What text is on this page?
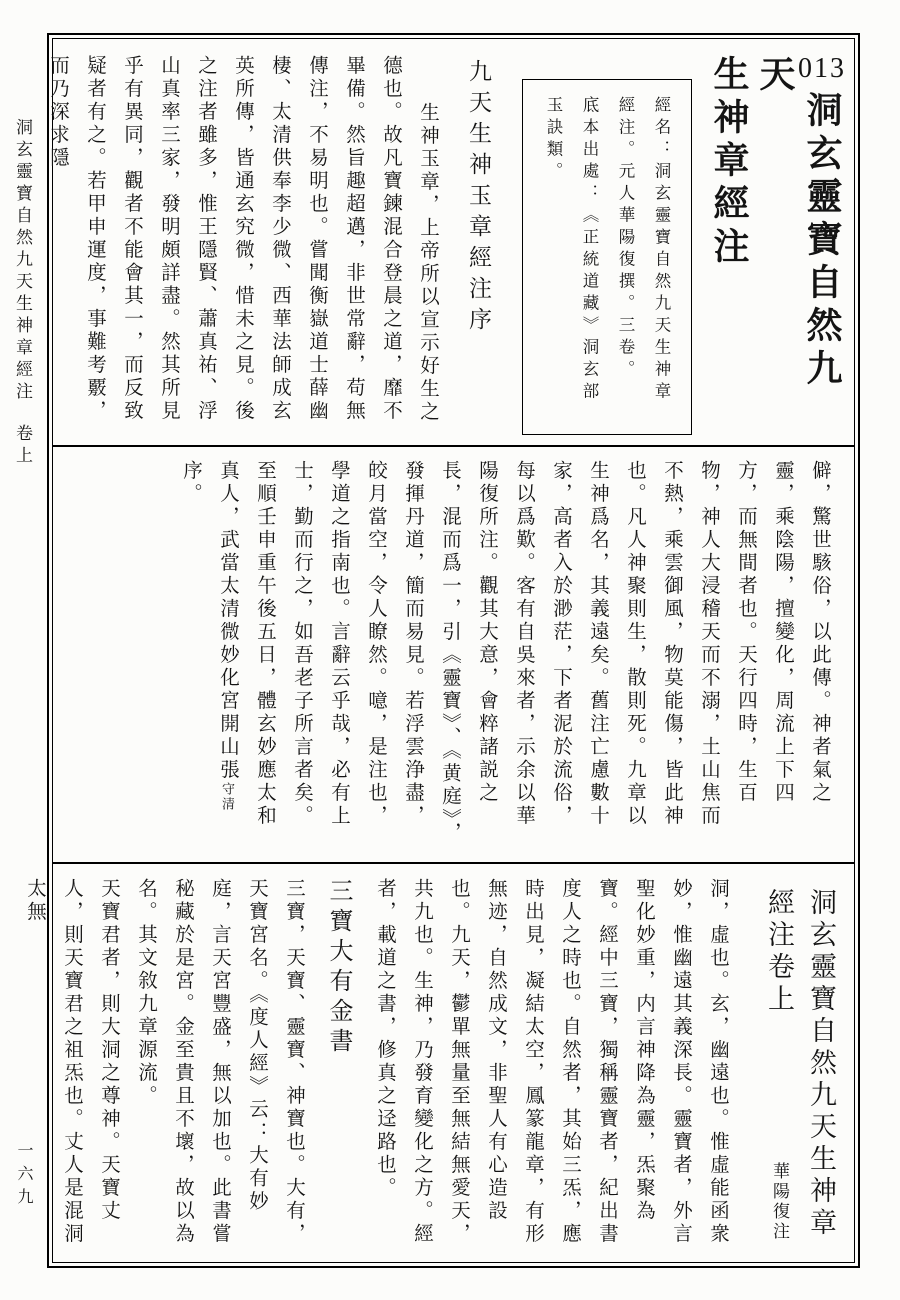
洞玄靈寶自然九天生神章經注卷上
一六九
013洞玄靈寶自然九天
生神章經注

經名：洞玄靈寶自然九天生神章經注。元人華陽復撰。三卷。

底本出處：《正統道藏》洞玄部玉訣類。

九天生神玉章經注序

生神玉章，上帝所以宣示好生之德也。故凡寶鍊混合登晨之道，靡不畢備。然旨趣超邁，非世常辭，苟無傳注，不易明也。嘗聞衡嶽道士薛幽棲、太清供奉李少微、西華法師成玄英所傳，皆通玄究微，惜未之見。後之注者雖多，惟王隱賢、蕭真祐、浮山真率三家，發明頗詳盡。然其所見乎有異同，觀者不能會其一，而反致疑者有之。若甲申運度，事難考覈，而乃深求隱

僻，驚世駭俗，以此傳。神者氣之靈，乘陰陽，擅變化，周流上下四方，而無間者也。天行四時，生百物，神人大浸稽天而不溺，土山焦而不熱，乘雲御風，物莫能傷，皆此神也。凡人神聚則生，散則死。九章以生神爲名，其義遠矣。舊注亡慮數十家，高者入於渺茫，下者泥於流俗，每以爲歎。客有自吳來者，示余以華陽復所注。觀其大意，會粹諸説之長，混而爲一，引《靈寶》、《黄庭》，發揮丹道，簡而易見。若浮雲浄盡，皎月當空，令人瞭然。噫，是注也，學道之指南也。言辭云乎哉，必有上士，勤而行之，如吾老子所言者矣。至順壬申重午後五日，體玄妙應太和真人，武當太清微妙化宮開山張守清序。

洞玄靈寶自然九天生神章
經注卷上
華陽復注

洞，虛也。玄，幽遠也。惟虛能函衆妙，惟幽遠其義深長。靈寶者，外言聖化妙重，内言神降為靈，炁聚為寶。經中三寶，獨稱靈寶者，紀出書度人之時也。自然者，其始三炁，應時出見，凝結太空，鳳篆龍章，有形無迹，自然成文，非聖人有心造設也。九天，鬱單無量至無結無愛天，共九也。生神，乃發育變化之方。經者，載道之書，修真之迳路也。

三寶大有金書

三寶，天寶、靈寶、神寶也。大有，天寶宮名。《度人經》云：大有妙庭，言天宮豐盛，無以加也。此書嘗秘藏於是宮。金至貴且不壞，故以為名。其文敘九章源流。

天寶君者，則大洞之尊神。天寶丈人，則天寶君之祖炁也。丈人是混洞太無
